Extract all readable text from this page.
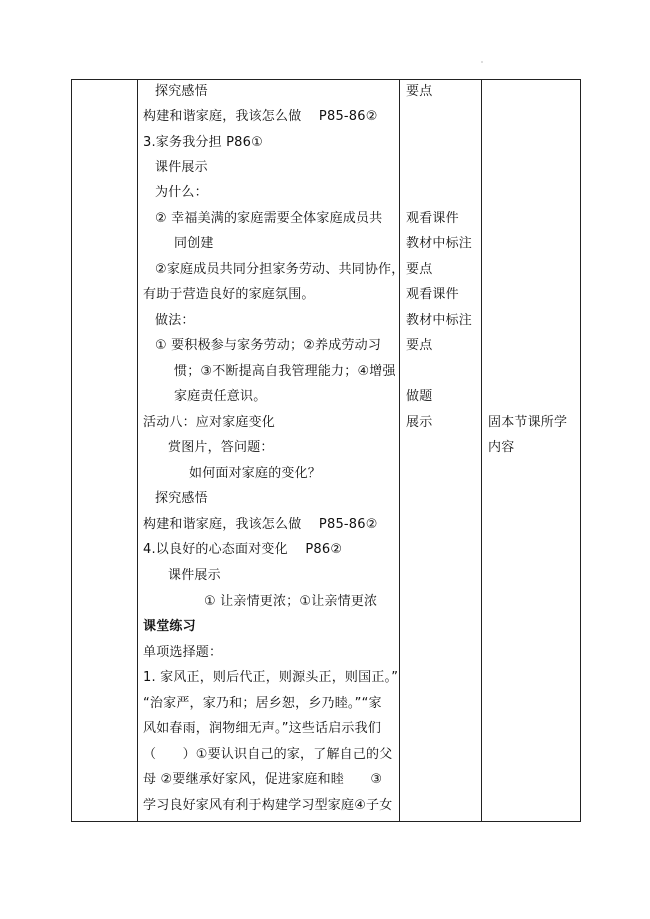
探究感悟
构建和谐家庭，我该怎么做　 P85-86②
3.家务我分担 P86①
课件展示
为什么：
② 幸福美满的家庭需要全体家庭成员共
同创建
②家庭成员共同分担家务劳动、共同协作，
有助于营造良好的家庭氛围。
做法：
① 要积极参与家务劳动；②养成劳动习
惯；③不断提高自我管理能力；④增强
家庭责任意识。
活动八：应对家庭变化
赏图片，答问题：
如何面对家庭的变化？
探究感悟
构建和谐家庭，我该怎么做　 P85-86②
4.以良好的心态面对变化　 P86②
课件展示
① 让亲情更浓；①让亲情更浓
课堂练习
单项选择题：
1. 家风正，则后代正，则源头正，则国正。”
“治家严，家乃和；居乡恕，乡乃睦。”“家
风如春雨，润物细无声。”这些话启示我们
（　　）①要认识自己的家，了解自己的父
母 ②要继承好家风，促进家庭和睦　　③
学习良好家风有利于构建学习型家庭④子女
要点
观看课件
教材中标注
要点
观看课件
教材中标注
要点
做题
展示	固本节课所学
内容
